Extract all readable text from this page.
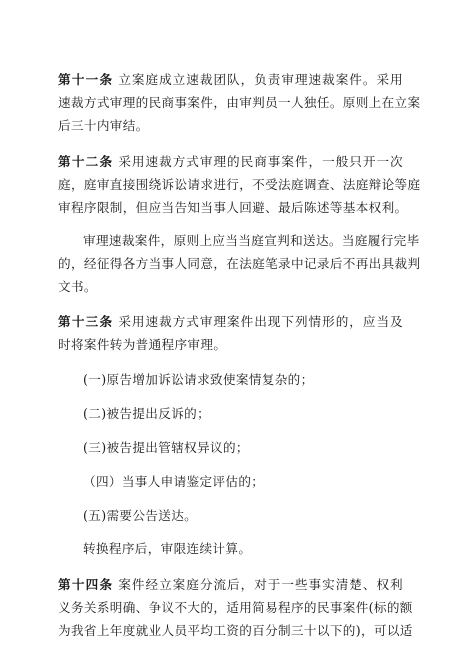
第十一条 立案庭成立速裁团队，负责审理速裁案件。采用
速裁方式审理的民商事案件，由审判员一人独任。原则上在立案
后三十内审结。
第十二条 采用速裁方式审理的民商事案件，一般只开一次
庭，庭审直接围绕诉讼请求进行，不受法庭调查、法庭辩论等庭
审程序限制，但应当告知当事人回避、最后陈述等基本权利。
审理速裁案件，原则上应当当庭宣判和送达。当庭履行完毕
的，经征得各方当事人同意，在法庭笔录中记录后不再出具裁判
文书。
第十三条 采用速裁方式审理案件出现下列情形的，应当及
时将案件转为普通程序审理。
(一)原告增加诉讼请求致使案情复杂的；
(二)被告提出反诉的；
(三)被告提出管辖权异议的；
（四）当事人申请鉴定评估的；
(五)需要公告送达。
转换程序后，审限连续计算。
第十四条 案件经立案庭分流后，对于一些事实清楚、权利
义务关系明确、争议不大的，适用简易程序的民事案件(标的额
为我省上年度就业人员平均工资的百分制三十以下的)，可以适
